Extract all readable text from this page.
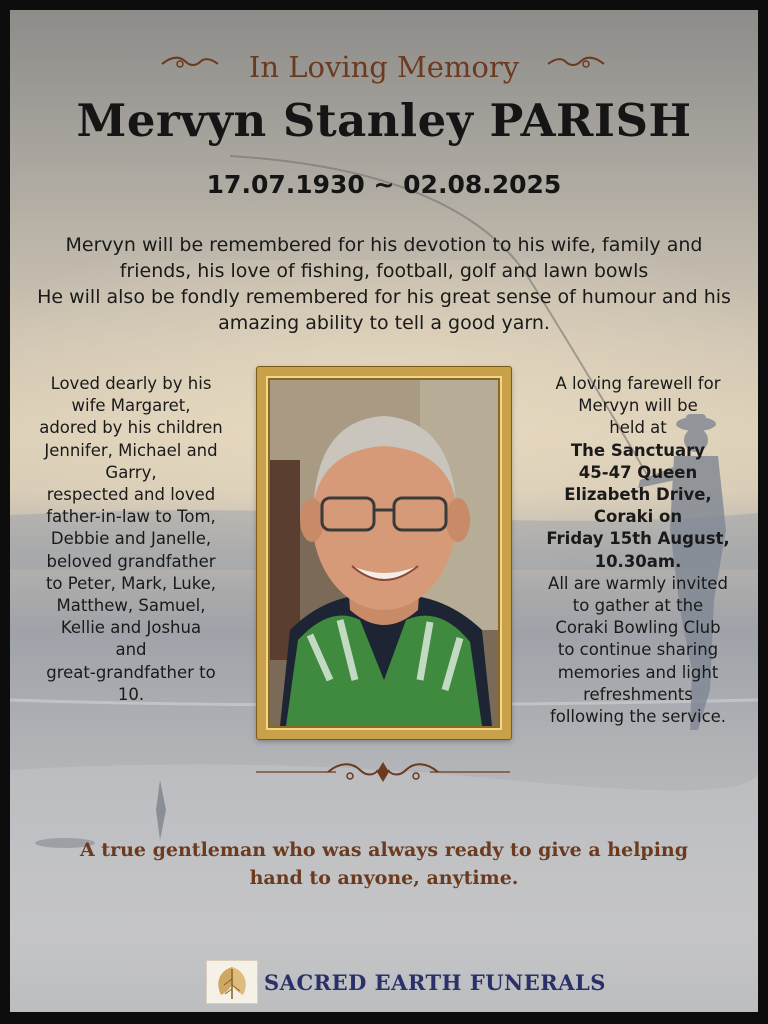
In Loving Memory
Mervyn Stanley PARISH
17.07.1930 ~ 02.08.2025
Mervyn will be remembered for his devotion to his wife, family and
friends, his love of fishing, football, golf and lawn bowls
He will also be fondly remembered for his great sense of humour and his
amazing ability to tell a good yarn.
Loved dearly by his
wife Margaret,
adored by his children
Jennifer, Michael and
Garry,
respected and loved
father-in-law to Tom,
Debbie and Janelle,
beloved grandfather
to Peter, Mark, Luke,
Matthew, Samuel,
Kellie and Joshua
and
great-grandfather to
10.
A loving farewell for
Mervyn will be
held at
The Sanctuary
45-47 Queen
Elizabeth Drive,
Coraki on
Friday 15th August,
10.30am.
All are warmly invited
to gather at the
Coraki Bowling Club
to continue sharing
memories and light
refreshments
following the service.
A true gentleman who was always ready to give a helping
hand to anyone, anytime.
SACRED EARTH FUNERALS
